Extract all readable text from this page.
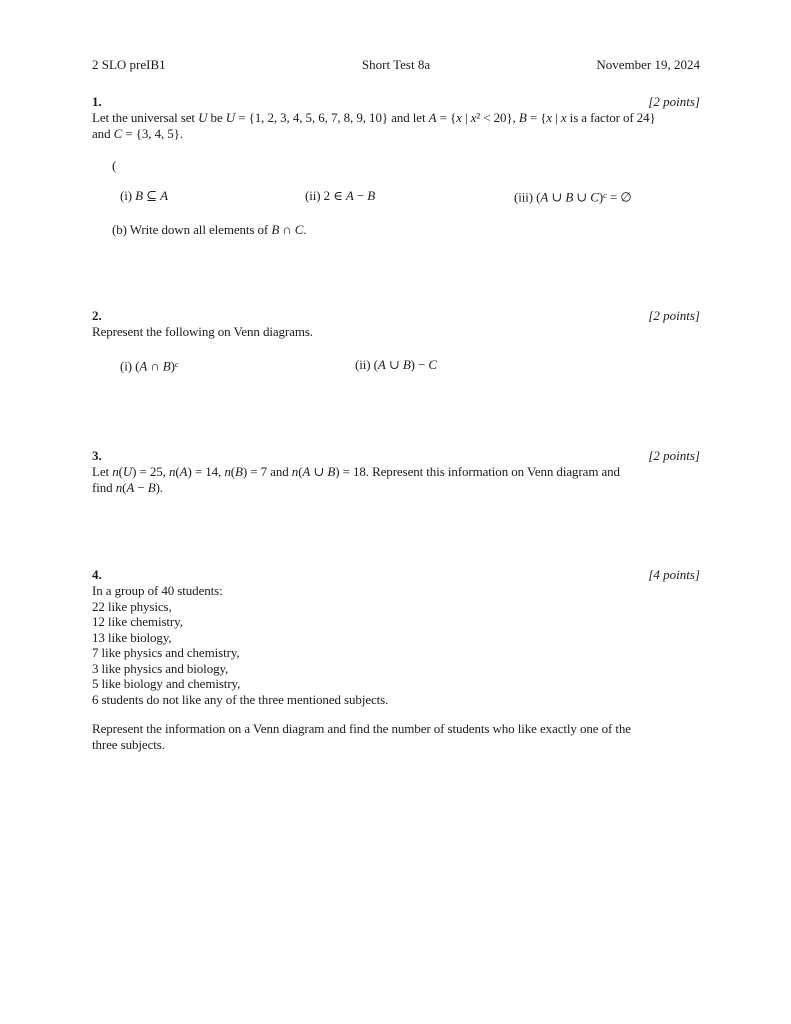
2 SLO preIB1	Short Test 8a	November 19, 2024
1.	[2 points]
Let the universal set U be U = {1, 2, 3, 4, 5, 6, 7, 8, 9, 10} and let A = {x | x² < 20}, B = {x | x is a factor of 24}
and C = {3, 4, 5}.
(
(i) B ⊆ A	(ii) 2 ∈ A − B	(iii) (A ∪ B ∪ C)$^c$ = ∅
(b) Write down all elements of B ∩ C.
2.	[2 points]
Represent the following on Venn diagrams.
(i) (A ∩ B)$^c$	(ii) (A ∪ B) − C
3.	[2 points]
Let n(U) = 25, n(A) = 14, n(B) = 7 and n(A ∪ B) = 18. Represent this information on Venn diagram and
find n(A − B).
4.	[4 points]
In a group of 40 students:
22 like physics,
12 like chemistry,
13 like biology,
7 like physics and chemistry,
3 like physics and biology,
5 like biology and chemistry,
6 students do not like any of the three mentioned subjects.
Represent the information on a Venn diagram and find the number of students who like exactly one of the
three subjects.
